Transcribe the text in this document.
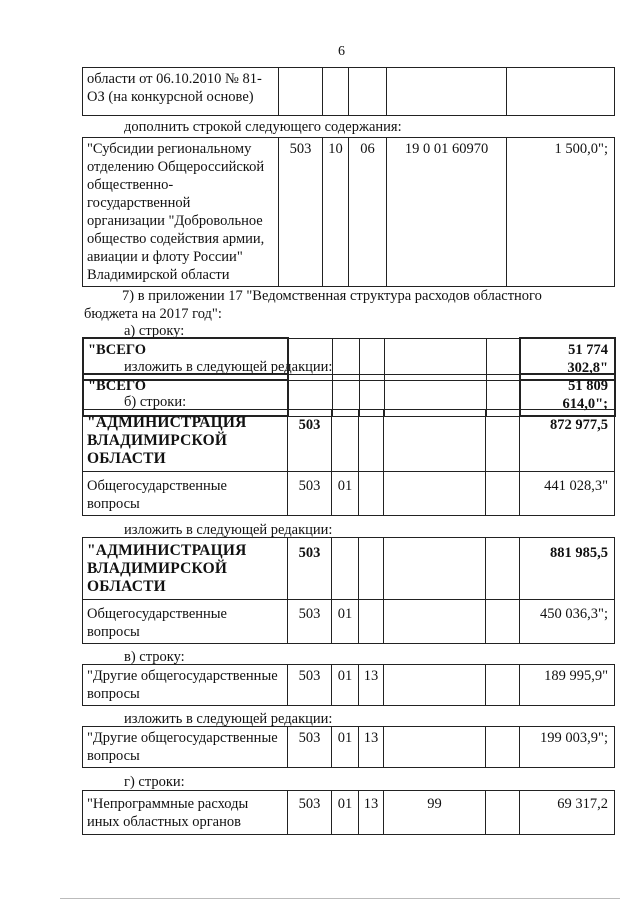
6
области от 06.10.2010 № 81-
ОЗ (на конкурсной основе)					
дополнить строкой следующего содержания:
"Субсидии региональному
отделению Общероссийской
общественно-
государственной
организации "Добровольное
общество содействия армии,
авиации и флоту России"
Владимирской области	503	10	06	19 0 01 60970	1 500,0";
7) в приложении 17 "Ведомственная структура расходов областного
бюджета на 2017 год":
а) строку:
"ВСЕГО						51 774 302,8"
изложить в следующей редакции:
"ВСЕГО						51 809 614,0";
б) строки:
"АДМИНИСТРАЦИЯ
ВЛАДИМИРСКОЙ
ОБЛАСТИ	503					872 977,5
Общегосударственные
вопросы	503	01				441 028,3"
изложить в следующей редакции:
"АДМИНИСТРАЦИЯ
ВЛАДИМИРСКОЙ
ОБЛАСТИ	503					881 985,5
Общегосударственные
вопросы	503	01				450 036,3";
в) строку:
"Другие общегосударственные
вопросы	503	01	13			189 995,9"
изложить в следующей редакции:
"Другие общегосударственные
вопросы	503	01	13			199 003,9";
г) строки:
"Непрограммные расходы
иных областных органов	503	01	13	99		69 317,2
